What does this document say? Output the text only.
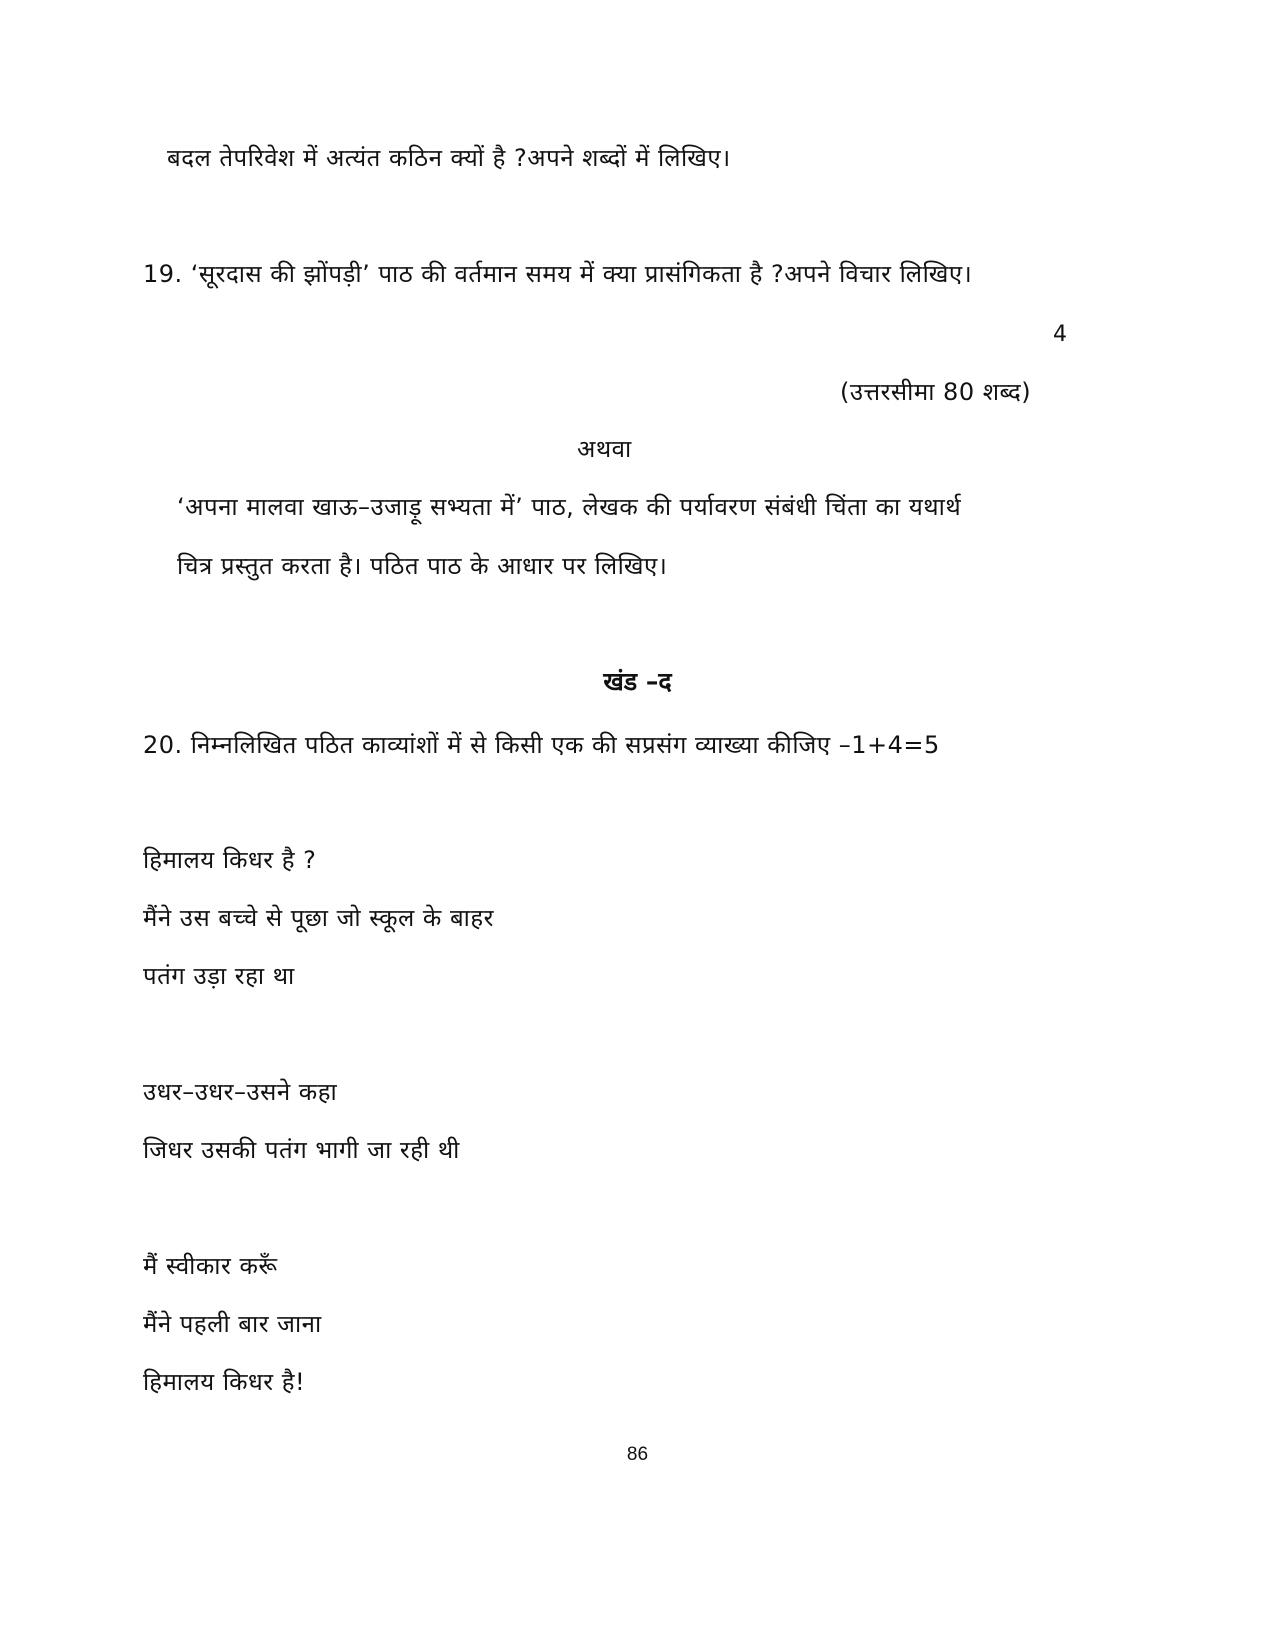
बदल तेपरिवेश में अत्यंत कठिन क्यों है ?अपने शब्दों में लिखिए।
19. ‘सूरदास की झोंपड़ी’ पाठ की वर्तमान समय में क्या प्रासंगिकता है ?अपने विचार लिखिए।
4
(उत्तरसीमा 80 शब्द)
अथवा
‘अपना मालवा खाऊ–उजाड़ू सभ्यता में’ पाठ, लेखक की पर्यावरण संबंधी चिंता का यथार्थ
चित्र प्रस्तुत करता है। पठित पाठ के आधार पर लिखिए।
खंड –द
20. निम्नलिखित पठित काव्यांशों में से किसी एक की सप्रसंग व्याख्या कीजिए –1+4=5
हिमालय किधर है ?
मैंने उस बच्चे से पूछा जो स्कूल के बाहर
पतंग उड़ा रहा था
उधर–उधर–उसने कहा
जिधर उसकी पतंग भागी जा रही थी
मैं स्वीकार करूँ
मैंने पहली बार जाना
हिमालय किधर है!
86
